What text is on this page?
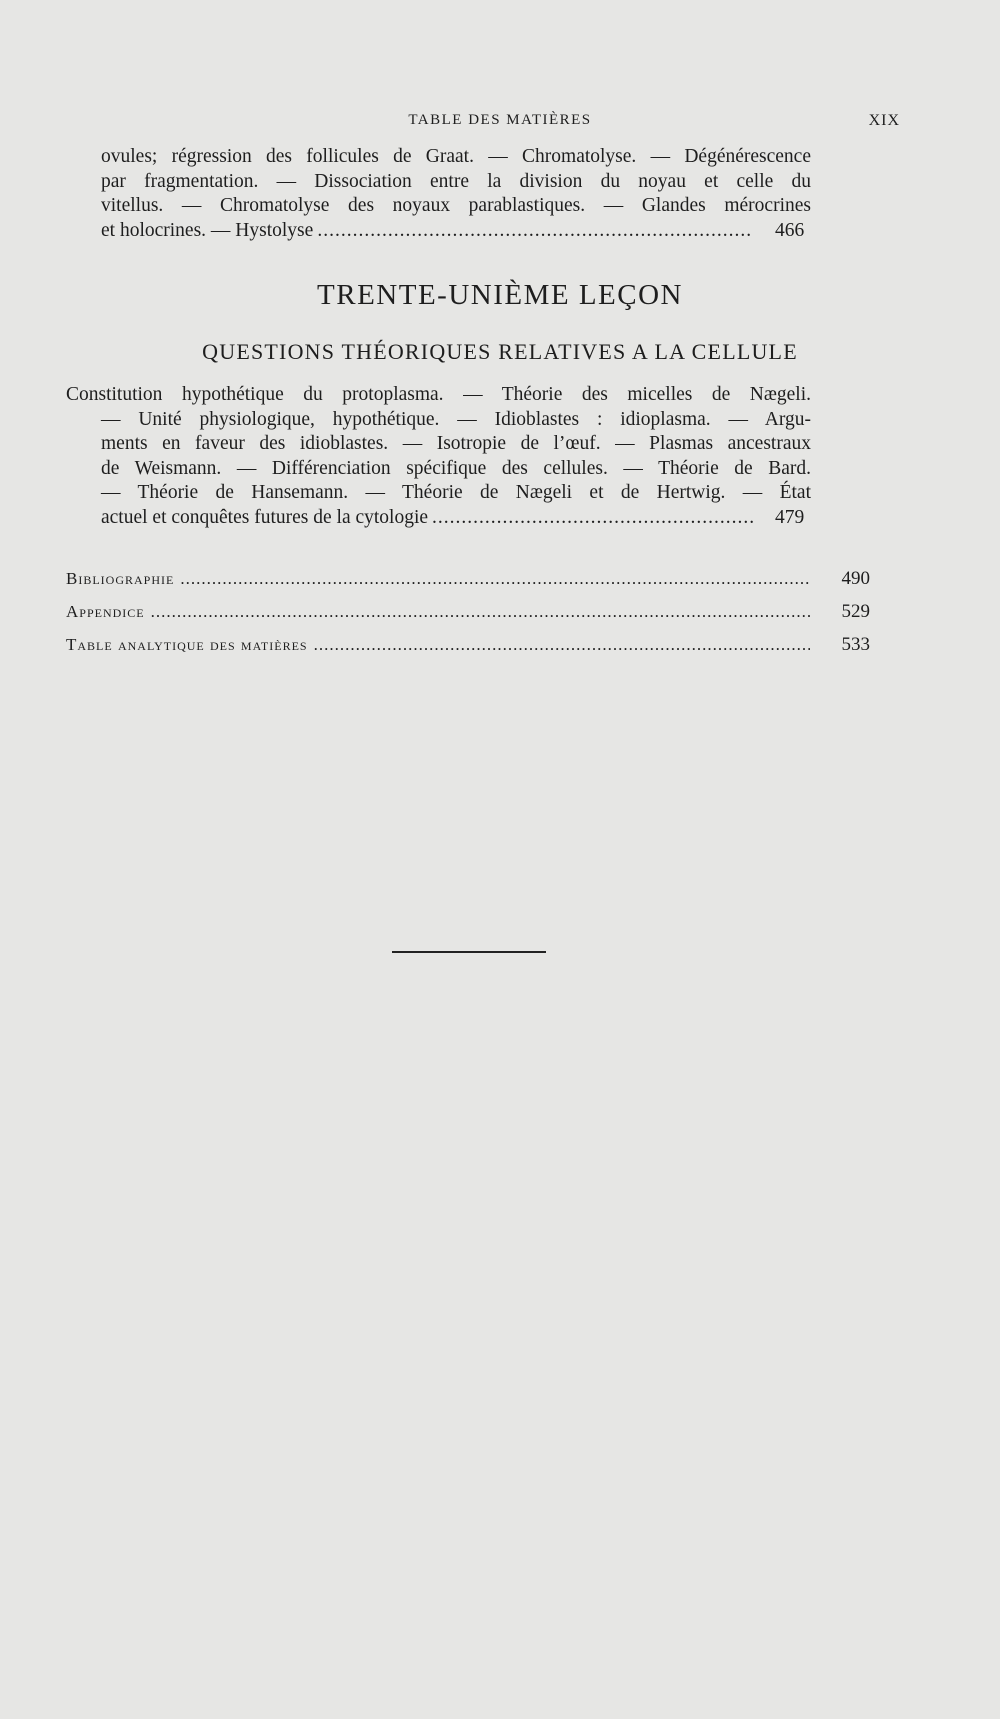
TABLE DES MATIÈRES	XIX
ovules; régression des follicules de Graat. — Chromatolyse. — Dégénérescence
par fragmentation. — Dissociation entre la division du noyau et celle du
vitellus. — Chromatolyse des noyaux parablastiques. — Glandes mérocrines
et holocrines. — Hystolyse .....	466
TRENTE-UNIÈME LEÇON
QUESTIONS THÉORIQUES RELATIVES A LA CELLULE
Constitution hypothétique du protoplasma. — Théorie des micelles de Nægeli.
— Unité physiologique, hypothétique. — Idioblastes : idioplasma. — Argu-
ments en faveur des idioblastes. — Isotropie de l’œuf. — Plasmas ancestraux
de Weismann. — Différenciation spécifique des cellules. — Théorie de Bard.
— Théorie de Hansemann. — Théorie de Nægeli et de Hertwig. — État
actuel et conquêtes futures de la cytologie .....	479
Bibliographie .....	490
Appendice .....	529
Table analytique des matières .....	533
